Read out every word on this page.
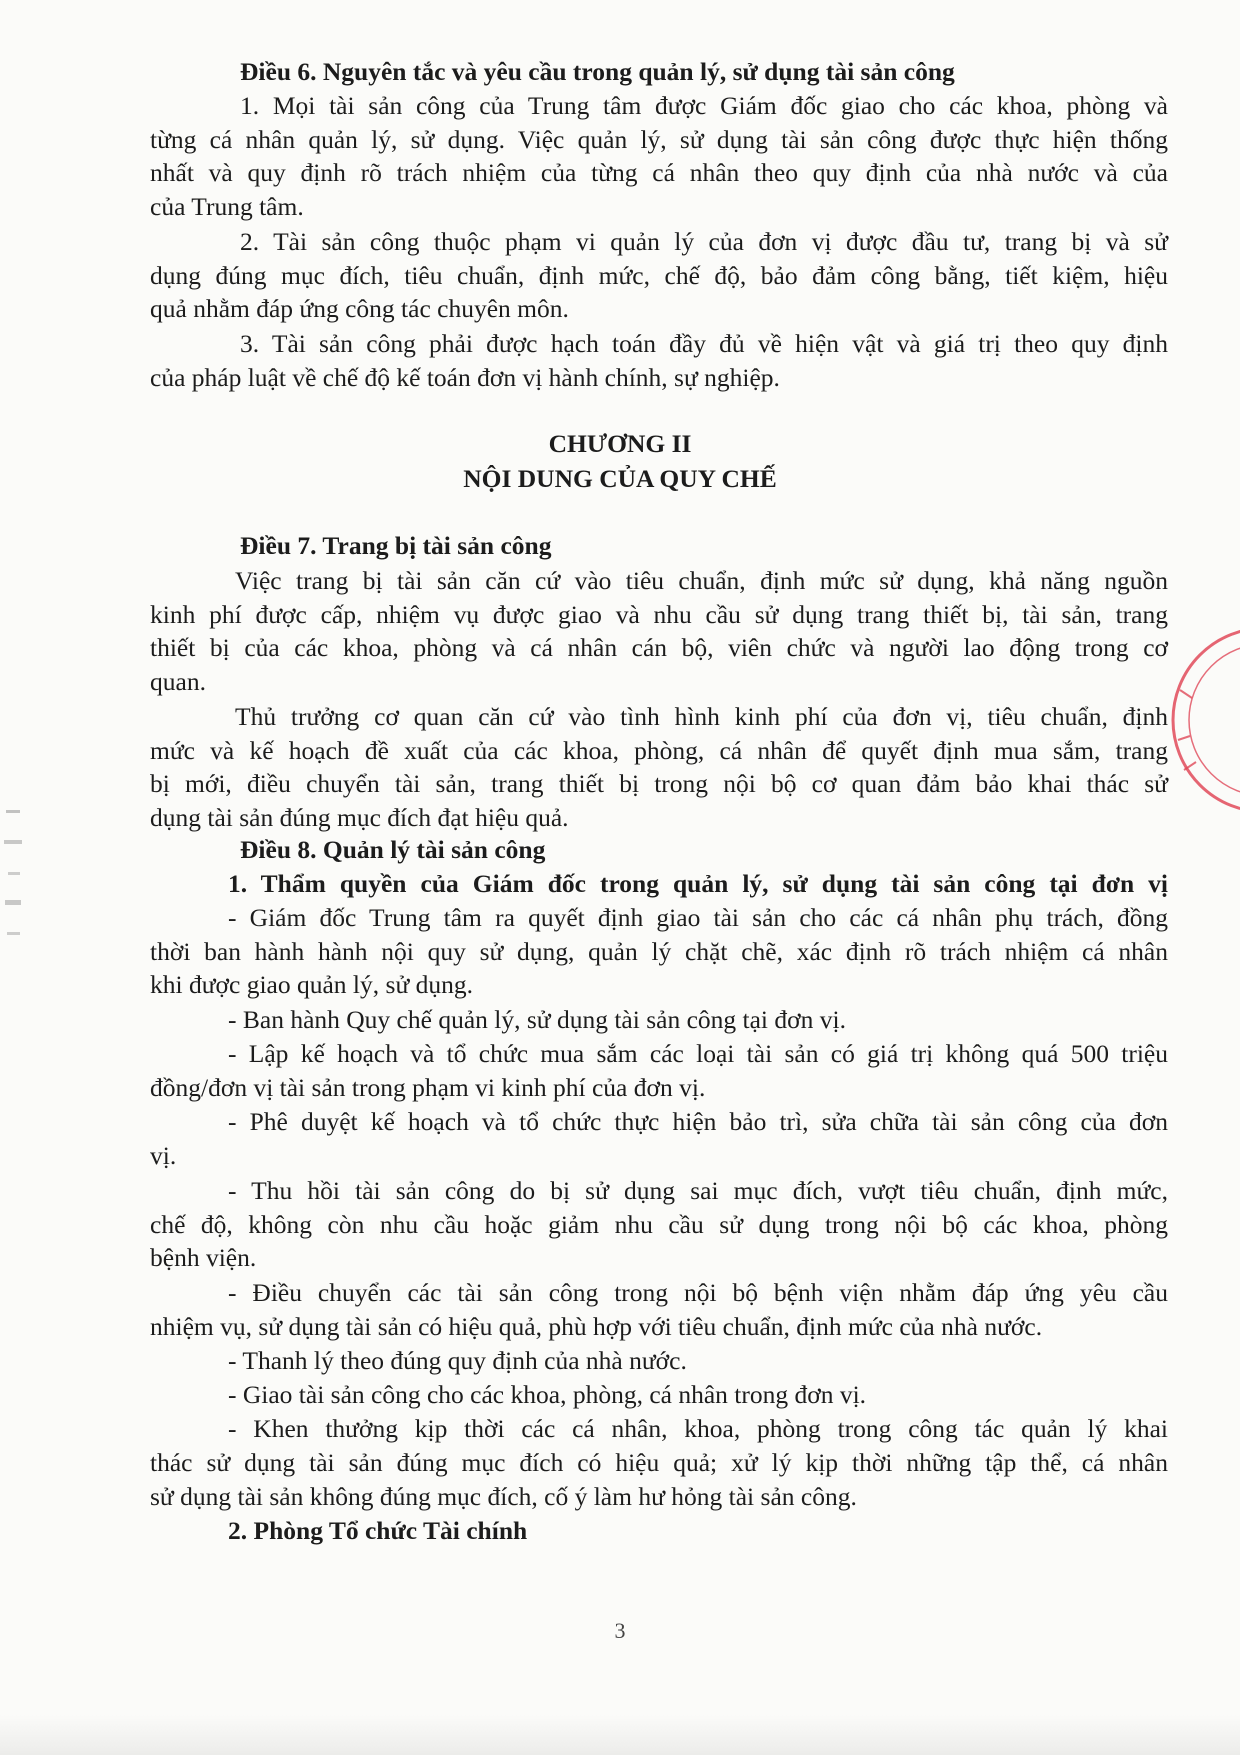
Điều 6. Nguyên tắc và yêu cầu trong quản lý, sử dụng tài sản công
1. Mọi tài sản công của Trung tâm được Giám đốc giao cho các khoa, phòng và
từng cá nhân quản lý, sử dụng. Việc quản lý, sử dụng tài sản công được thực hiện thống
nhất và quy định rõ trách nhiệm của từng cá nhân theo quy định của nhà nước và của
của Trung tâm.
2. Tài sản công thuộc phạm vi quản lý của đơn vị được đầu tư, trang bị và sử
dụng đúng mục đích, tiêu chuẩn, định mức, chế độ, bảo đảm công bằng, tiết kiệm, hiệu
quả nhằm đáp ứng công tác chuyên môn.
3. Tài sản công phải được hạch toán đầy đủ về hiện vật và giá trị theo quy định
của pháp luật về chế độ kế toán đơn vị hành chính, sự nghiệp.
CHƯƠNG II
NỘI DUNG CỦA QUY CHẾ
Điều 7. Trang bị tài sản công
Việc trang bị tài sản căn cứ vào tiêu chuẩn, định mức sử dụng, khả năng nguồn
kinh phí được cấp, nhiệm vụ được giao và nhu cầu sử dụng trang thiết bị, tài sản, trang
thiết bị của các khoa, phòng và cá nhân cán bộ, viên chức và người lao động trong cơ
quan.
Thủ trưởng cơ quan căn cứ vào tình hình kinh phí của đơn vị, tiêu chuẩn, định
mức và kế hoạch đề xuất của các khoa, phòng, cá nhân để quyết định mua sắm, trang
bị mới, điều chuyển tài sản, trang thiết bị trong nội bộ cơ quan đảm bảo khai thác sử
dụng tài sản đúng mục đích đạt hiệu quả.
Điều 8. Quản lý tài sản công
1. Thẩm quyền của Giám đốc trong quản lý, sử dụng tài sản công tại đơn vị
- Giám đốc Trung tâm ra quyết định giao tài sản cho các cá nhân phụ trách, đồng
thời ban hành hành nội quy sử dụng, quản lý chặt chẽ, xác định rõ trách nhiệm cá nhân
khi được giao quản lý, sử dụng.
- Ban hành Quy chế quản lý, sử dụng tài sản công tại đơn vị.
- Lập kế hoạch và tổ chức mua sắm các loại tài sản có giá trị không quá 500 triệu
đồng/đơn vị tài sản trong phạm vi kinh phí của đơn vị.
- Phê duyệt kế hoạch và tổ chức thực hiện bảo trì, sửa chữa tài sản công của đơn
vị.
- Thu hồi tài sản công do bị sử dụng sai mục đích, vượt tiêu chuẩn, định mức,
chế độ, không còn nhu cầu hoặc giảm nhu cầu sử dụng trong nội bộ các khoa, phòng
bệnh viện.
- Điều chuyển các tài sản công trong nội bộ bệnh viện nhằm đáp ứng yêu cầu
nhiệm vụ, sử dụng tài sản có hiệu quả, phù hợp với tiêu chuẩn, định mức của nhà nước.
- Thanh lý theo đúng quy định của nhà nước.
- Giao tài sản công cho các khoa, phòng, cá nhân trong đơn vị.
- Khen thưởng kịp thời các cá nhân, khoa, phòng trong công tác quản lý khai
thác sử dụng tài sản đúng mục đích có hiệu quả; xử lý kịp thời những tập thể, cá nhân
sử dụng tài sản không đúng mục đích, cố ý làm hư hỏng tài sản công.
2. Phòng Tổ chức Tài chính
3
